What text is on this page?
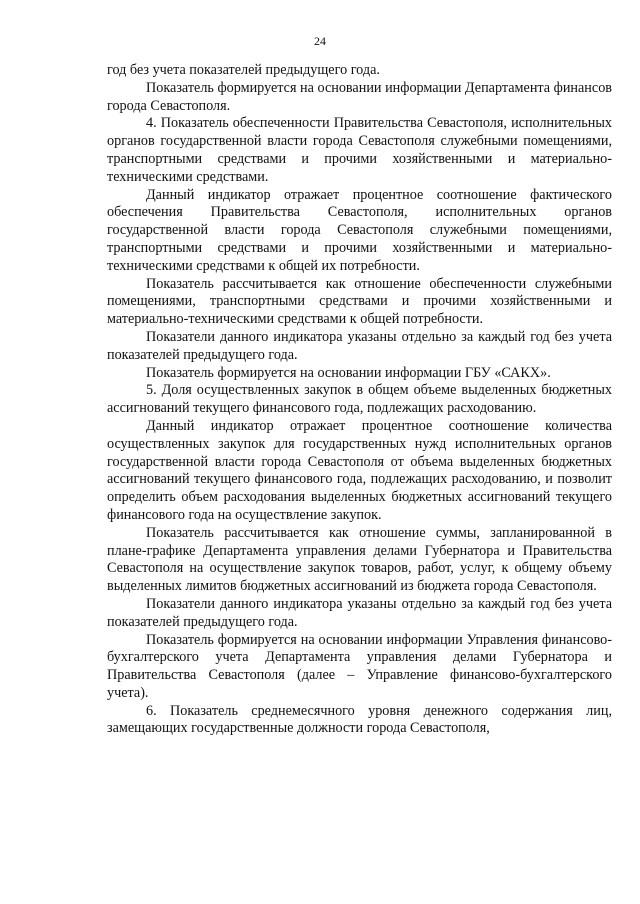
24

год без учета показателей предыдущего года.

Показатель формируется на основании информации Департамента финансов города Севастополя.

4. Показатель обеспеченности Правительства Севастополя, исполнительных органов государственной власти города Севастополя служебными помещениями, транспортными средствами и прочими хозяйственными и материально-техническими средствами.

Данный индикатор отражает процентное соотношение фактического обеспечения Правительства Севастополя, исполнительных органов государственной власти города Севастополя служебными помещениями, транспортными средствами и прочими хозяйственными и материально-техническими средствами к общей их потребности.

Показатель рассчитывается как отношение обеспеченности служебными помещениями, транспортными средствами и прочими хозяйственными и материально-техническими средствами к общей потребности.

Показатели данного индикатора указаны отдельно за каждый год без учета показателей предыдущего года.

Показатель формируется на основании информации ГБУ «САКХ».

5. Доля осуществленных закупок в общем объеме выделенных бюджетных ассигнований текущего финансового года, подлежащих расходованию.

Данный индикатор отражает процентное соотношение количества осуществленных закупок для государственных нужд исполнительных органов государственной власти города Севастополя от объема выделенных бюджетных ассигнований текущего финансового года, подлежащих расходованию, и позволит определить объем расходования выделенных бюджетных ассигнований текущего финансового года на осуществление закупок.

Показатель рассчитывается как отношение суммы, запланированной в плане-графике Департамента управления делами Губернатора и Правительства Севастополя на осуществление закупок товаров, работ, услуг, к общему объему выделенных лимитов бюджетных ассигнований из бюджета города Севастополя.

Показатели данного индикатора указаны отдельно за каждый год без учета показателей предыдущего года.

Показатель формируется на основании информации Управления финансово-бухгалтерского учета Департамента управления делами Губернатора и Правительства Севастополя (далее – Управление финансово-бухгалтерского учета).

6. Показатель среднемесячного уровня денежного содержания лиц, замещающих государственные должности города Севастополя,
